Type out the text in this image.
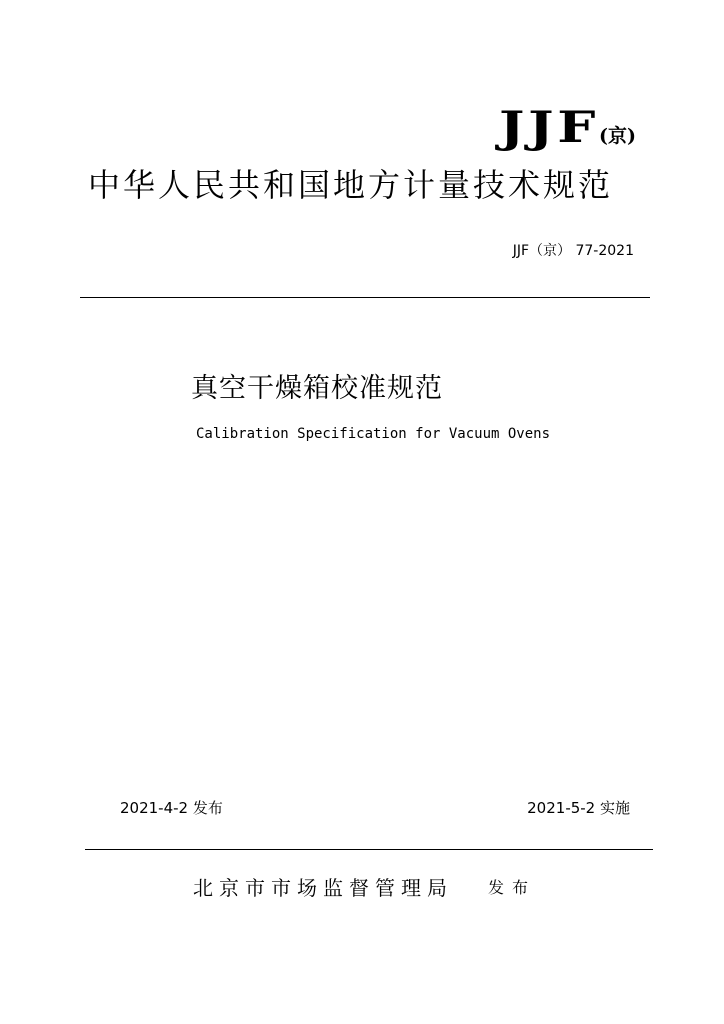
JJF(京)
中华人民共和国地方计量技术规范
JJF（京） 77-2021
真空干燥箱校准规范
Calibration Specification for Vacuum Ovens
2021-4-2 发布	2021-5-2 实施
北京市市场监督管理局 发布
